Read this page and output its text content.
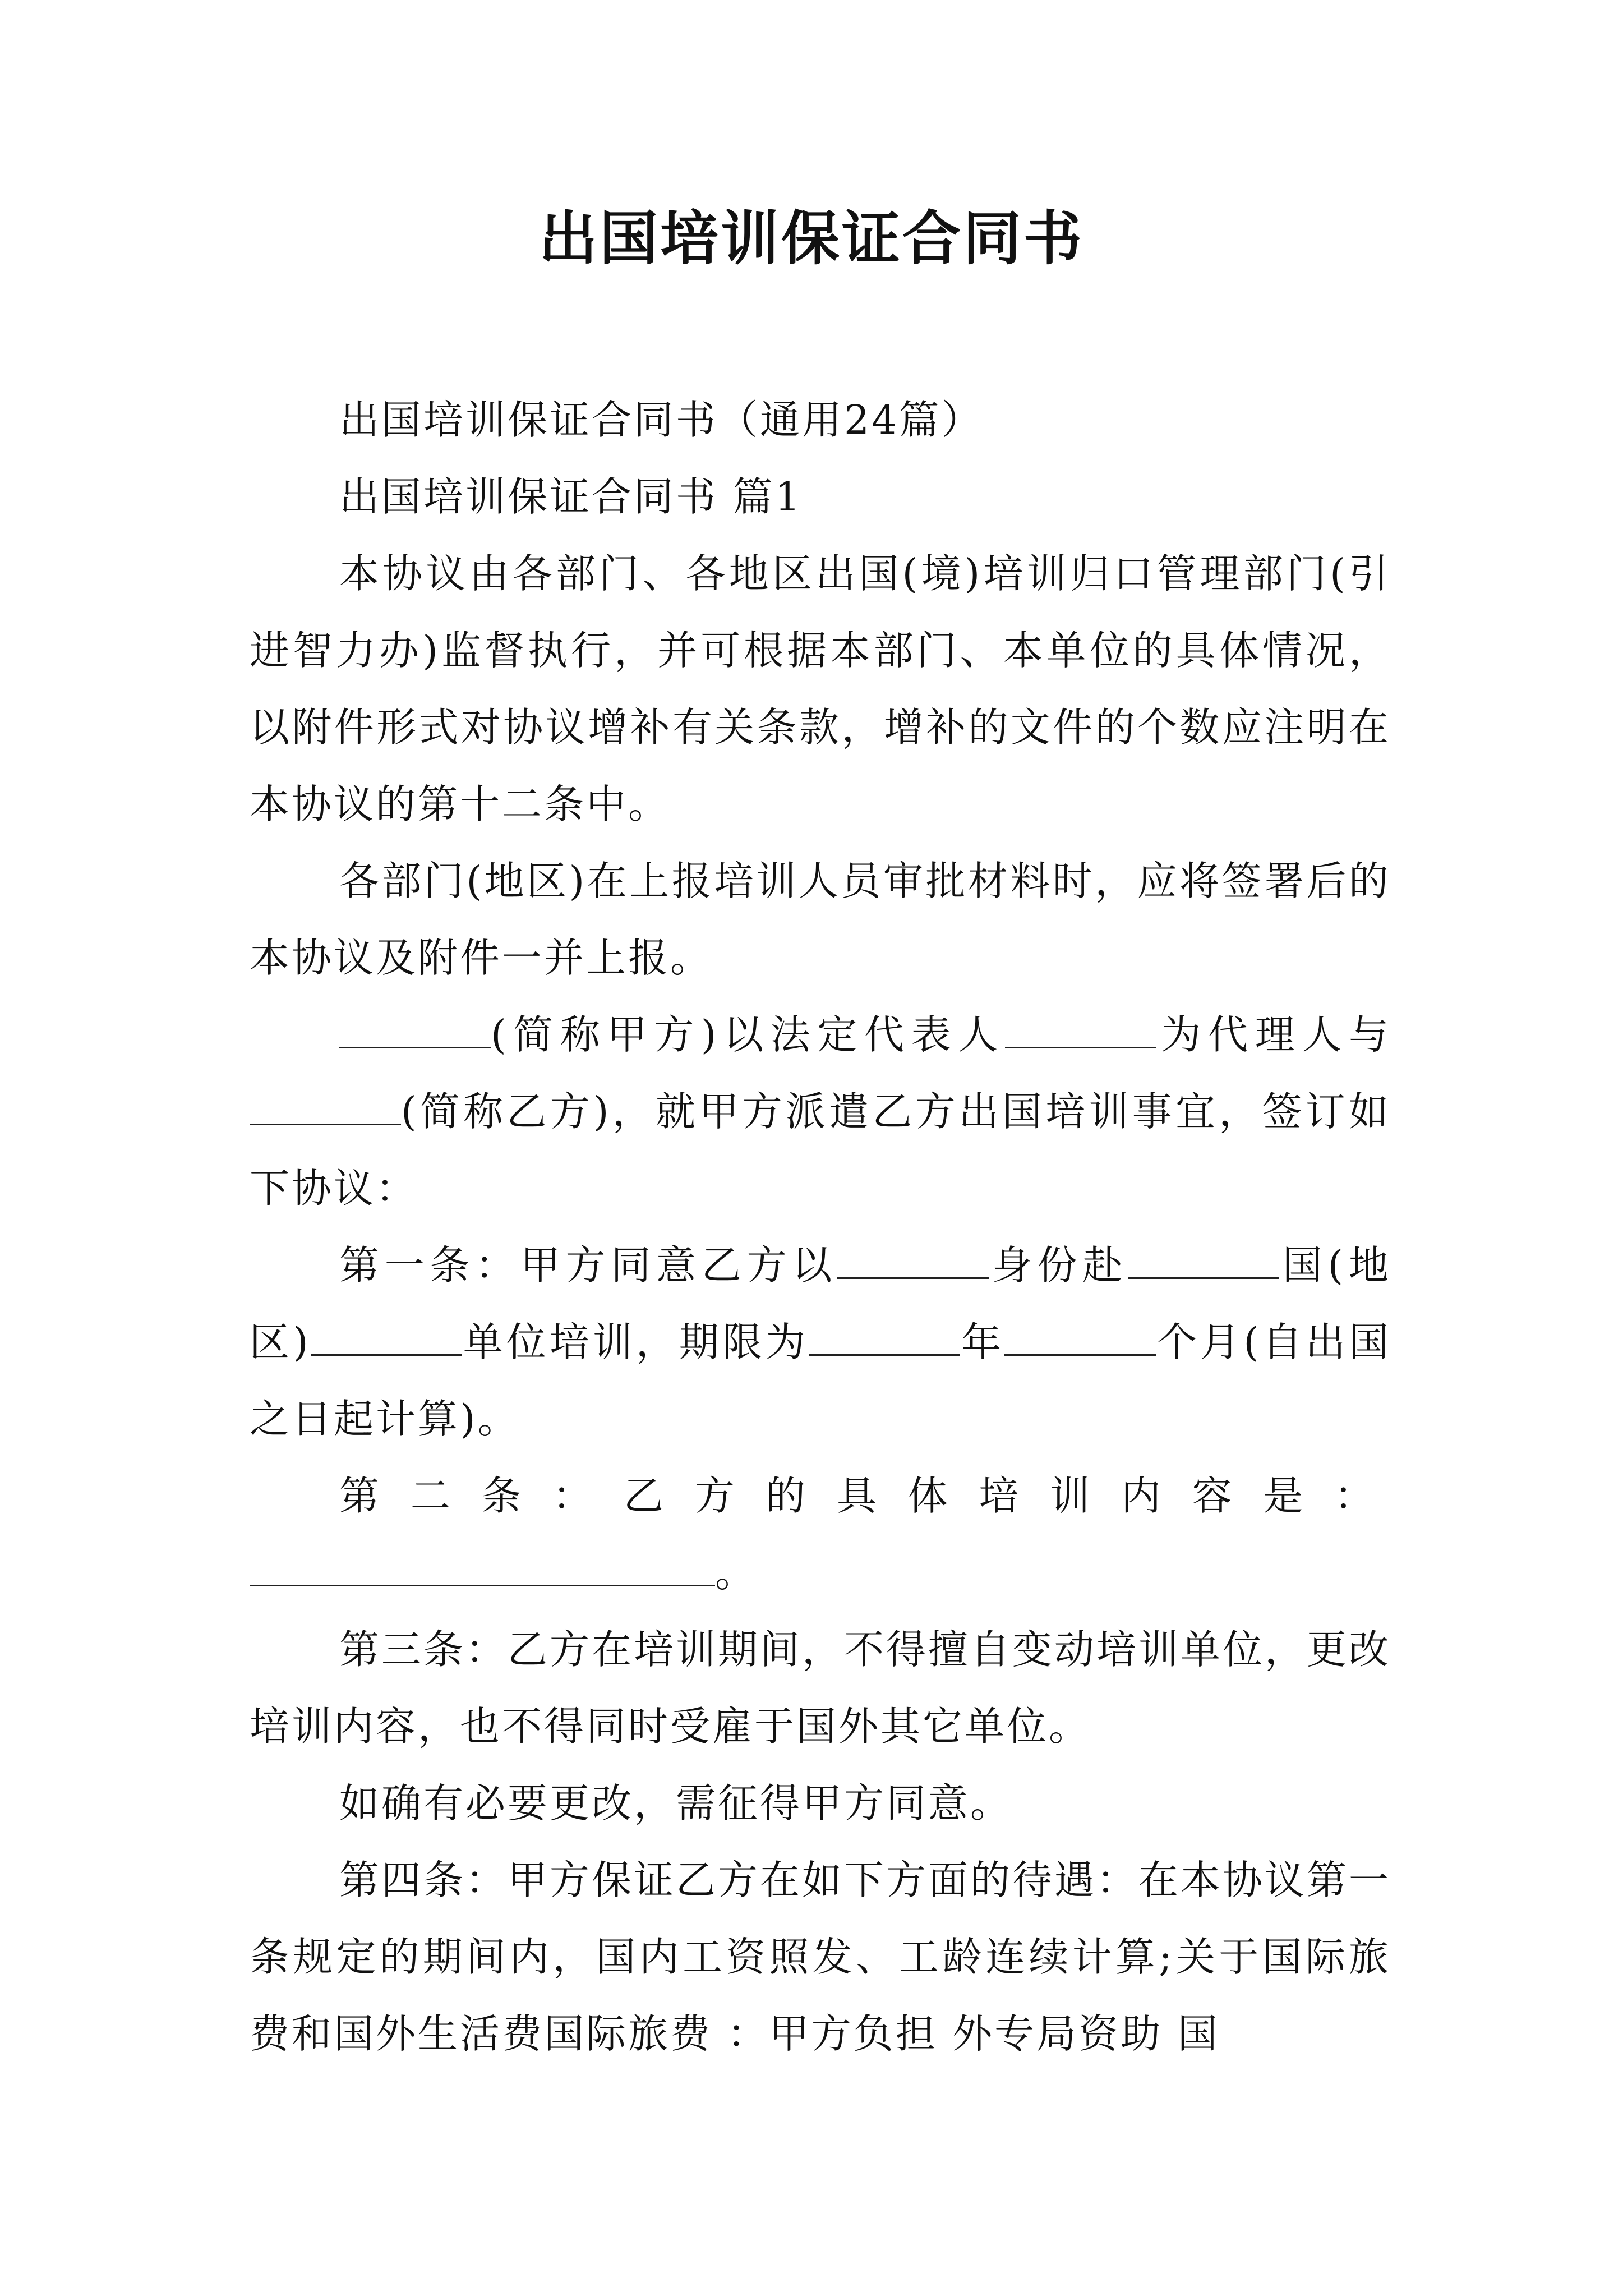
出国培训保证合同书

出国培训保证合同书（通用24篇）

出国培训保证合同书 篇1

本协议由各部门、各地区出国(境)培训归口管理部门(引进智力办)监督执行，并可根据本部门、本单位的具体情况，以附件形式对协议增补有关条款，增补的文件的个数应注明在本协议的第十二条中。

各部门(地区)在上报培训人员审批材料时，应将签署后的本协议及附件一并上报。

(简称甲方)以法定代表人	为代理人与(简称乙方)，就甲方派遣乙方出国培训事宜，签订如下协议：

第一条：甲方同意乙方以	身份赴	国(地区)	单位培训，期限为	年	个月(自出国之日起计算)。

第二条：乙方的具体培训内容是：。

第三条：乙方在培训期间，不得擅自变动培训单位，更改培训内容，也不得同时受雇于国外其它单位。

如确有必要更改，需征得甲方同意。

第四条：甲方保证乙方在如下方面的待遇：在本协议第一条规定的期间内，国内工资照发、工龄连续计算;关于国际旅费和国外生活费国际旅费 ：甲方负担 外专局资助 国
